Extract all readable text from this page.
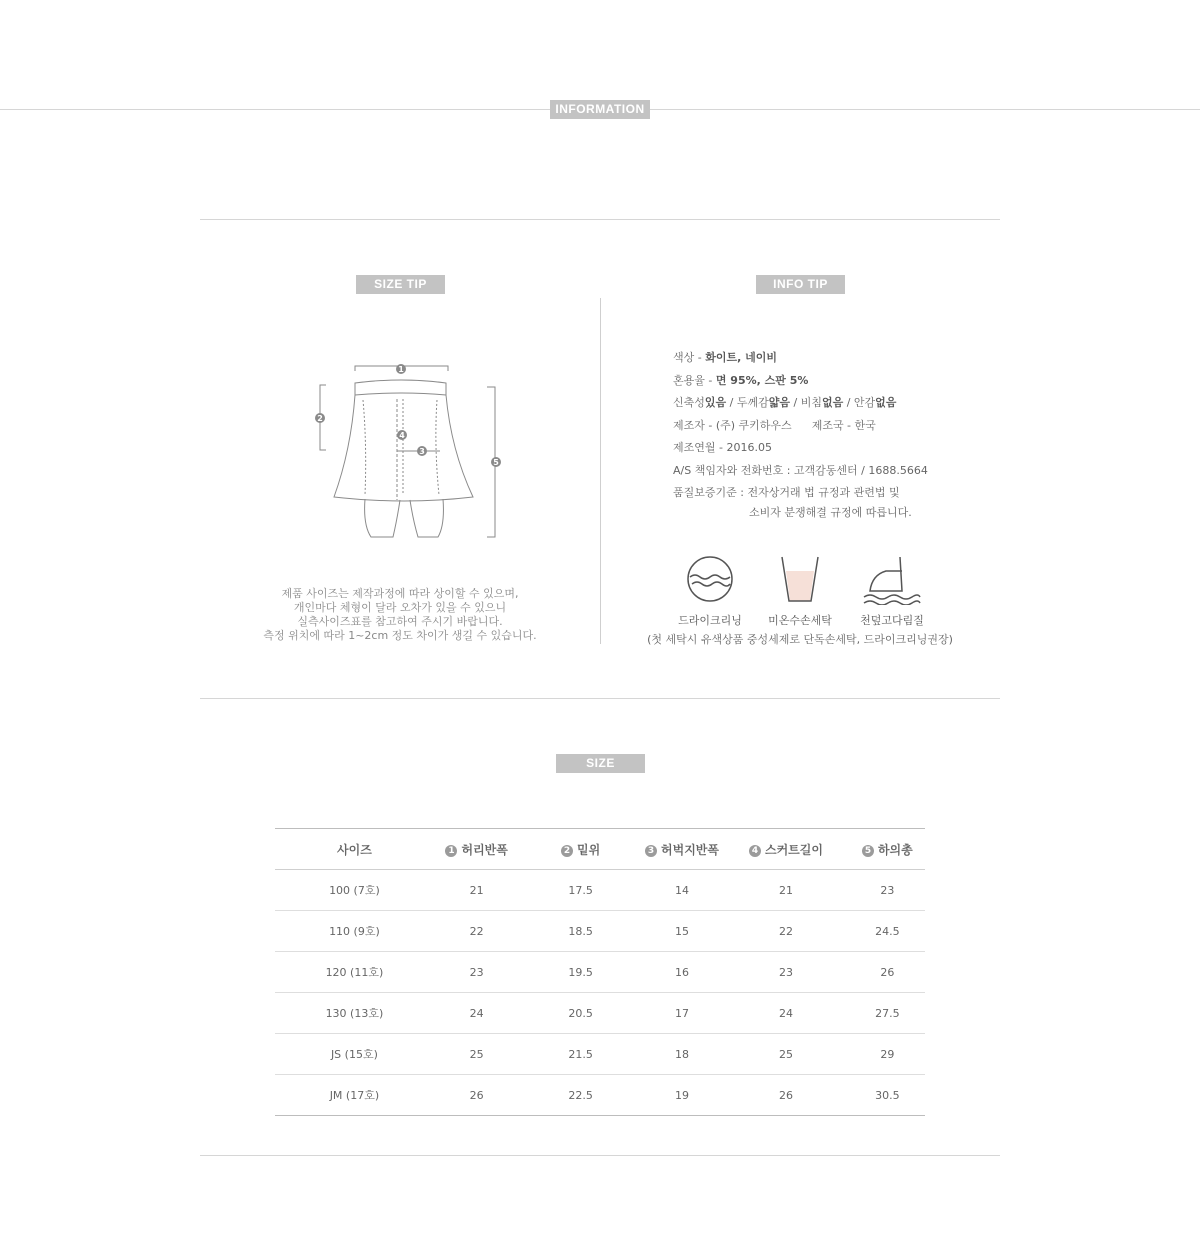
INFORMATION
SIZE TIP
1
2
3
4
5
제품 사이즈는 제작과정에 따라 상이할 수 있으며,
개인마다 체형이 달라 오차가 있을 수 있으니
실측사이즈표를 참고하여 주시기 바랍니다.
측정 위치에 따라 1~2cm 정도 차이가 생길 수 있습니다.
INFO TIP
색상 - 화이트, 네이비
혼용율 - 면 95%, 스판 5%
신축성있음 / 두께감얇음 / 비침없음 / 안감없음
제조자 - (주) 쿠키하우스 제조국 - 한국
제조연월 - 2016.05
A/S 책임자와 전화번호 : 고객감동센터 / 1688.5664
품질보증기준 : 전자상거래 법 규정과 관련법 및
소비자 분쟁해결 규정에 따릅니다.
드라이크리닝	미온수손세탁	천덮고다림질
(첫 세탁시 유색상품 중성세제로 단독손세탁, 드라이크리닝권장)
SIZE
사이즈	1 허리반폭	2 밑위	3 허벅지반폭	4 스커트길이	5 하의총
100 (7호)	21	17.5	14	21	23
110 (9호)	22	18.5	15	22	24.5
120 (11호)	23	19.5	16	23	26
130 (13호)	24	20.5	17	24	27.5
JS (15호)	25	21.5	18	25	29
JM (17호)	26	22.5	19	26	30.5
